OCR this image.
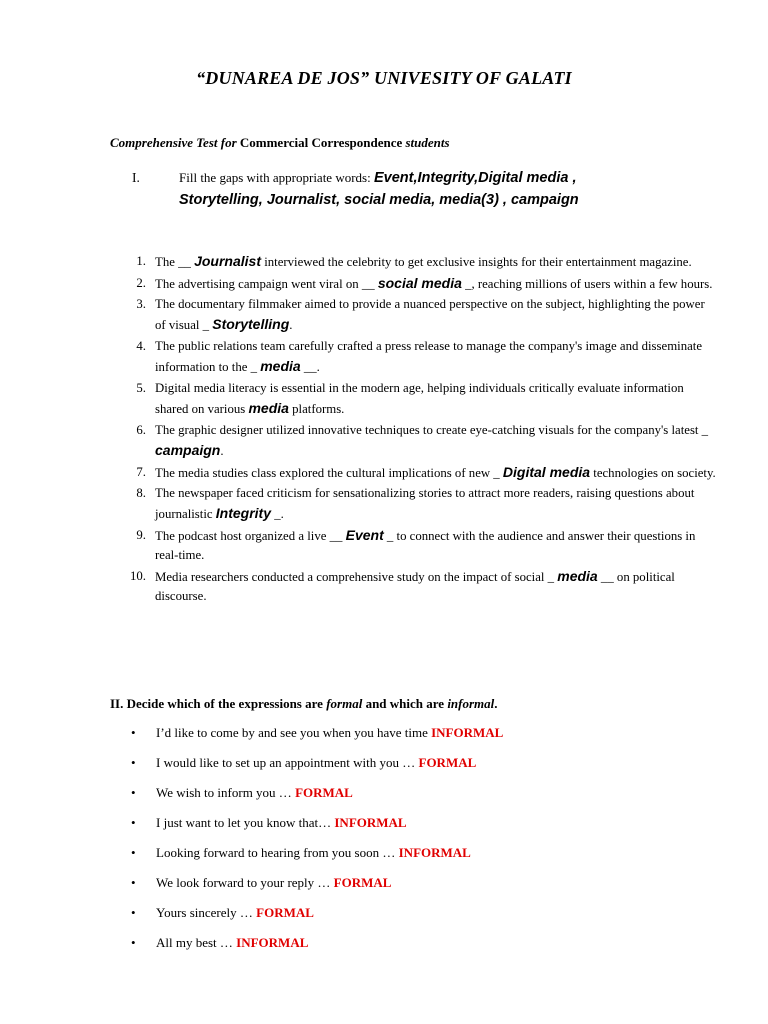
“DUNAREA DE JOS” UNIVESITY OF GALATI
Comprehensive Test for Commercial Correspondence students
I.	Fill the gaps with appropriate words: Event,Integrity,Digital media ,
Storytelling, Journalist, social media, media(3) , campaign
1. The __ Journalist interviewed the celebrity to get exclusive insights for their entertainment magazine.
2. The advertising campaign went viral on __ social media _, reaching millions of users within a few hours.
3. The documentary filmmaker aimed to provide a nuanced perspective on the subject, highlighting the power of visual _ Storytelling.
4. The public relations team carefully crafted a press release to manage the company's image and disseminate information to the _ media __.
5. Digital media literacy is essential in the modern age, helping individuals critically evaluate information shared on various media platforms.
6. The graphic designer utilized innovative techniques to create eye-catching visuals for the company's latest _ campaign.
7. The media studies class explored the cultural implications of new _ Digital media technologies on society.
8. The newspaper faced criticism for sensationalizing stories to attract more readers, raising questions about journalistic Integrity _.
9. The podcast host organized a live __ Event _ to connect with the audience and answer their questions in real-time.
10. Media researchers conducted a comprehensive study on the impact of social _ media __ on political discourse.
II. Decide which of the expressions are formal and which are informal.
• I’d like to come by and see you when you have time INFORMAL
• I would like to set up an appointment with you … FORMAL
• We wish to inform you … FORMAL
• I just want to let you know that… INFORMAL
• Looking forward to hearing from you soon … INFORMAL
• We look forward to your reply … FORMAL
• Yours sincerely … FORMAL
• All my best … INFORMAL
